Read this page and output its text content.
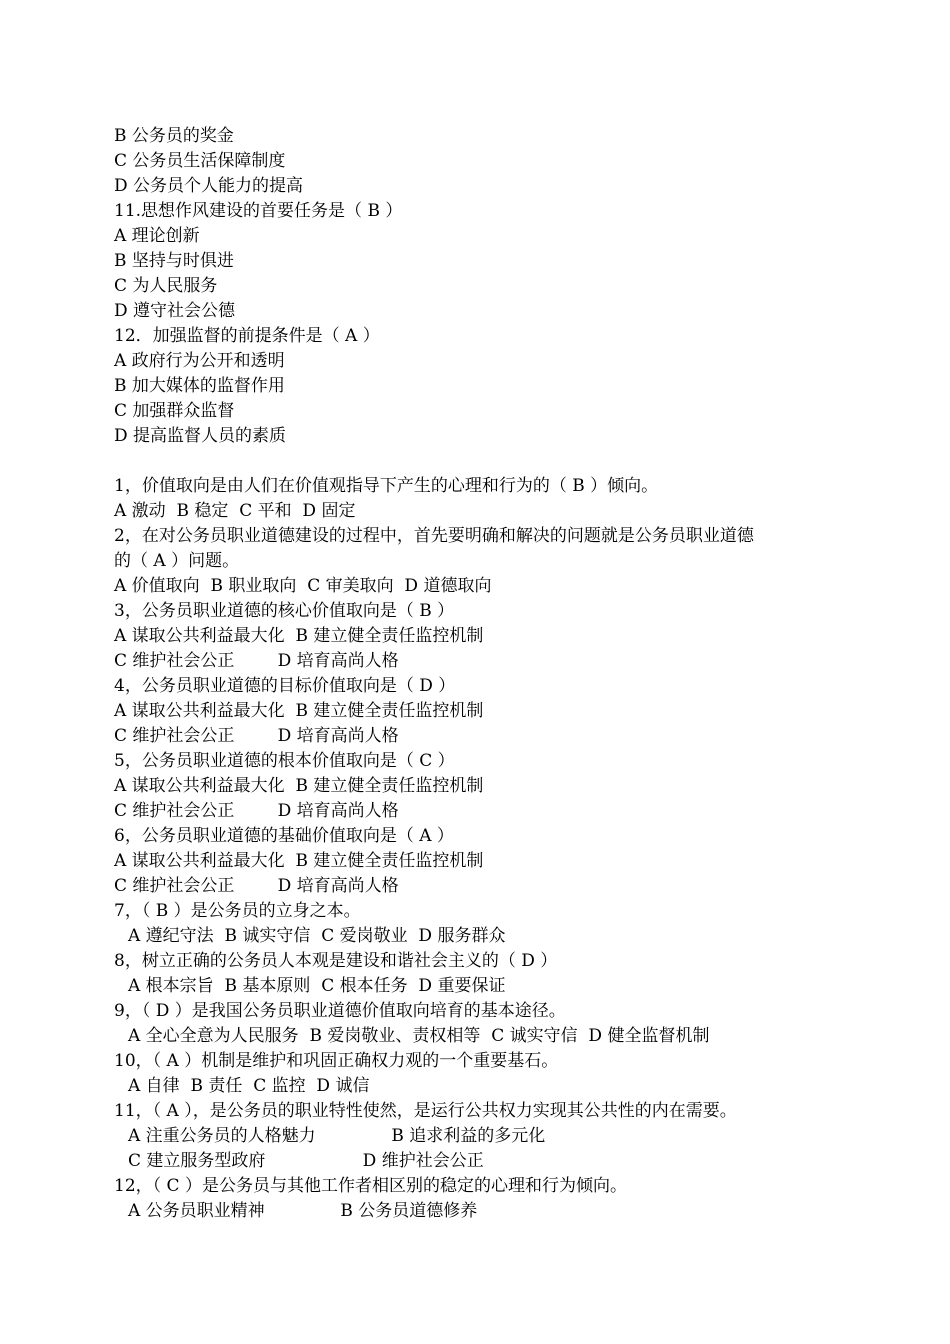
B 公务员的奖金
C 公务员生活保障制度
D 公务员个人能力的提高
11.思想作风建设的首要任务是（ B ）
A 理论创新
B 坚持与时俱进
C 为人民服务
D 遵守社会公德
12．加强监督的前提条件是（ A ）
A 政府行为公开和透明
B 加大媒体的监督作用
C 加强群众监督
D 提高监督人员的素质
1，价值取向是由人们在价值观指导下产生的心理和行为的（ B ）倾向。
A 激动  B 稳定  C 平和  D 固定
2，在对公务员职业道德建设的过程中，首先要明确和解决的问题就是公务员职业道德
的（ A ）问题。
A 价值取向  B 职业取向  C 审美取向  D 道德取向
3，公务员职业道德的核心价值取向是（ B ）
A 谋取公共利益最大化  B 建立健全责任监控机制
C 维护社会公正        D 培育高尚人格
4，公务员职业道德的目标价值取向是（ D ）
A 谋取公共利益最大化  B 建立健全责任监控机制
C 维护社会公正        D 培育高尚人格
5，公务员职业道德的根本价值取向是（ C ）
A 谋取公共利益最大化  B 建立健全责任监控机制
C 维护社会公正        D 培育高尚人格
6，公务员职业道德的基础价值取向是（ A ）
A 谋取公共利益最大化  B 建立健全责任监控机制
C 维护社会公正        D 培育高尚人格
7，（ B ）是公务员的立身之本。
A 遵纪守法  B 诚实守信  C 爱岗敬业  D 服务群众
8，树立正确的公务员人本观是建设和谐社会主义的（ D ）
A 根本宗旨  B 基本原则  C 根本任务  D 重要保证
9，（ D ）是我国公务员职业道德价值取向培育的基本途径。
A 全心全意为人民服务  B 爱岗敬业、责权相等  C 诚实守信  D 健全监督机制
10，（ A ）机制是维护和巩固正确权力观的一个重要基石。
A 自律  B 责任  C 监控  D 诚信
11，（ A ），是公务员的职业特性使然，是运行公共权力实现其公共性的内在需要。
A 注重公务员的人格魅力              B 追求利益的多元化
C 建立服务型政府                  D 维护社会公正
12，（ C ）是公务员与其他工作者相区别的稳定的心理和行为倾向。
A 公务员职业精神              B 公务员道德修养
